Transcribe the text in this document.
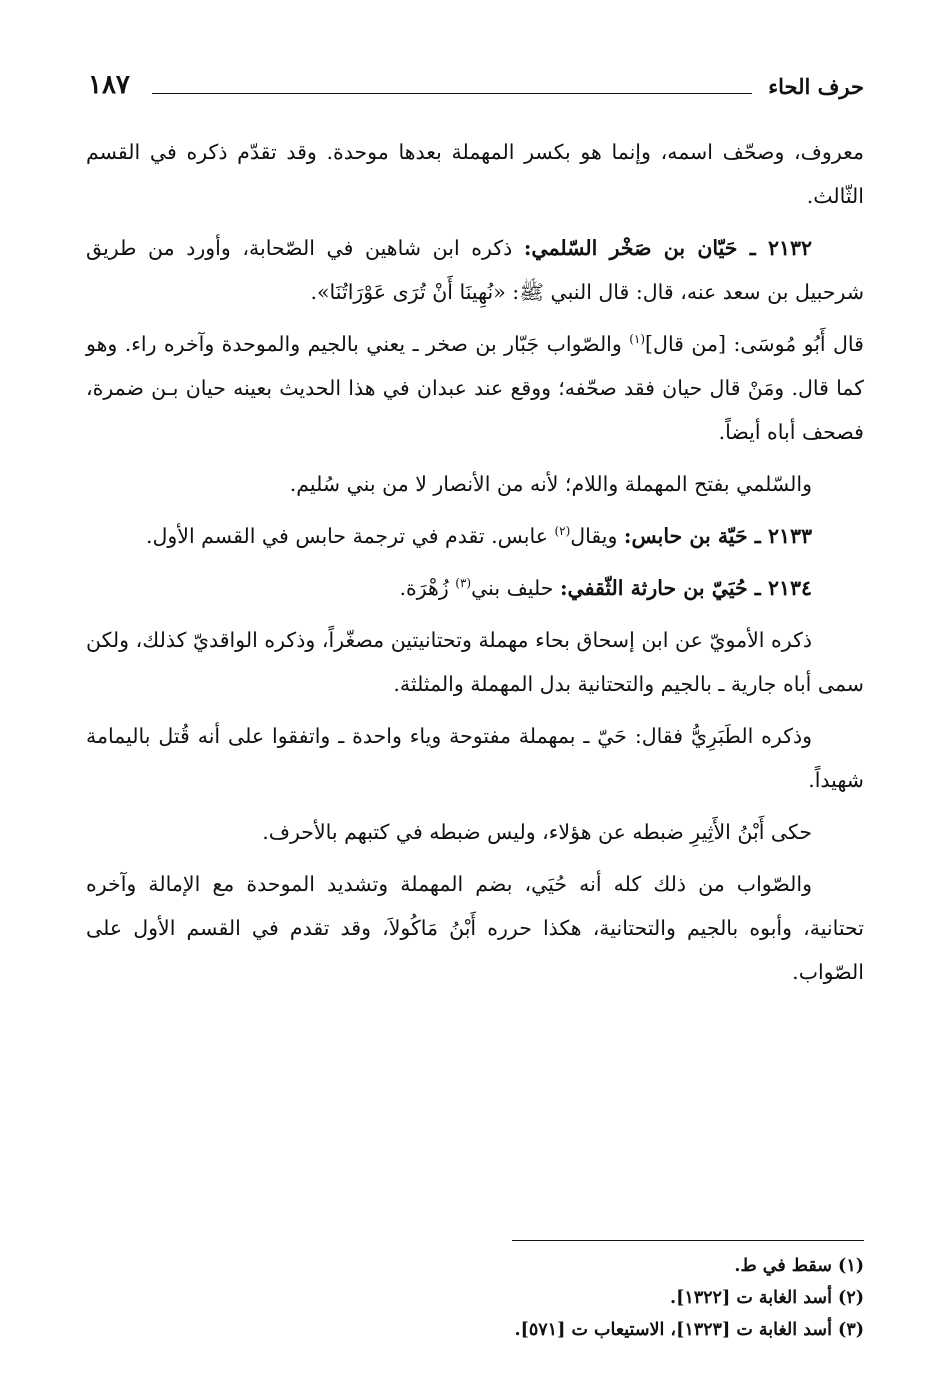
حرف الحاء
١٨٧

معروف، وصحّف اسمه، وإنما هو بكسر المهملة بعدها موحدة. وقد تقدّم ذكره في القسم الثّالث.

٢١٣٢ ـ حَيّان بن صَخْر السّلمي: ذكره ابن شاهين في الصّحابة، وأورد من طريق شرحبيل بن سعد عنه، قال: قال النبي ﷺ: «نُهِينَا أَنْ تُرَى عَوْرَاتُنَا».

قال أَبُو مُوسَى: [من قال]$^{(١)}$ والصّواب جَبّار بن صخر ـ يعني بالجيم والموحدة وآخره راء. وهو كما قال. ومَنْ قال حيان فقد صحّفه؛ ووقع عند عبدان في هذا الحديث بعينه حيان بـن ضمرة، فصحف أباه أيضاً.

والسّلمي بفتح المهملة واللام؛ لأنه من الأنصار لا من بني سُليم.

٢١٣٣ ـ حَيّة بن حابس: ويقال$^{(٢)}$ عابس. تقدم في ترجمة حابس في القسم الأول.

٢١٣٤ ـ حُيَيّ بن حارثة الثّقفي: حليف بني$^{(٣)}$ زُهْرَة.

ذكره الأمويّ عن ابن إسحاق بحاء مهملة وتحتانيتين مصغّراً، وذكره الواقديّ كذلك، ولكن سمى أباه جارية ـ بالجيم والتحتانية بدل المهملة والمثلثة.

وذكره الطَبَرِيُّ فقال: حَيّ ـ بمهملة مفتوحة وياء واحدة ـ واتفقوا على أنه قُتل باليمامة شهيداً.

حكى أَبْنُ الأَثِيرِ ضبطه عن هؤلاء، وليس ضبطه في كتبهم بالأحرف.

والصّواب من ذلك كله أنه حُيَي، بضم المهملة وتشديد الموحدة مع الإمالة وآخره تحتانية، وأبوه بالجيم والتحتانية، هكذا حرره أَبْنُ مَاكُولاَ، وقد تقدم في القسم الأول على الصّواب.

(١) سقط في ط.

(٢) أسد الغابة ت [١٣٢٢].

(٣) أسد الغابة ت [١٣٢٣]، الاستيعاب ت [٥٧١].
